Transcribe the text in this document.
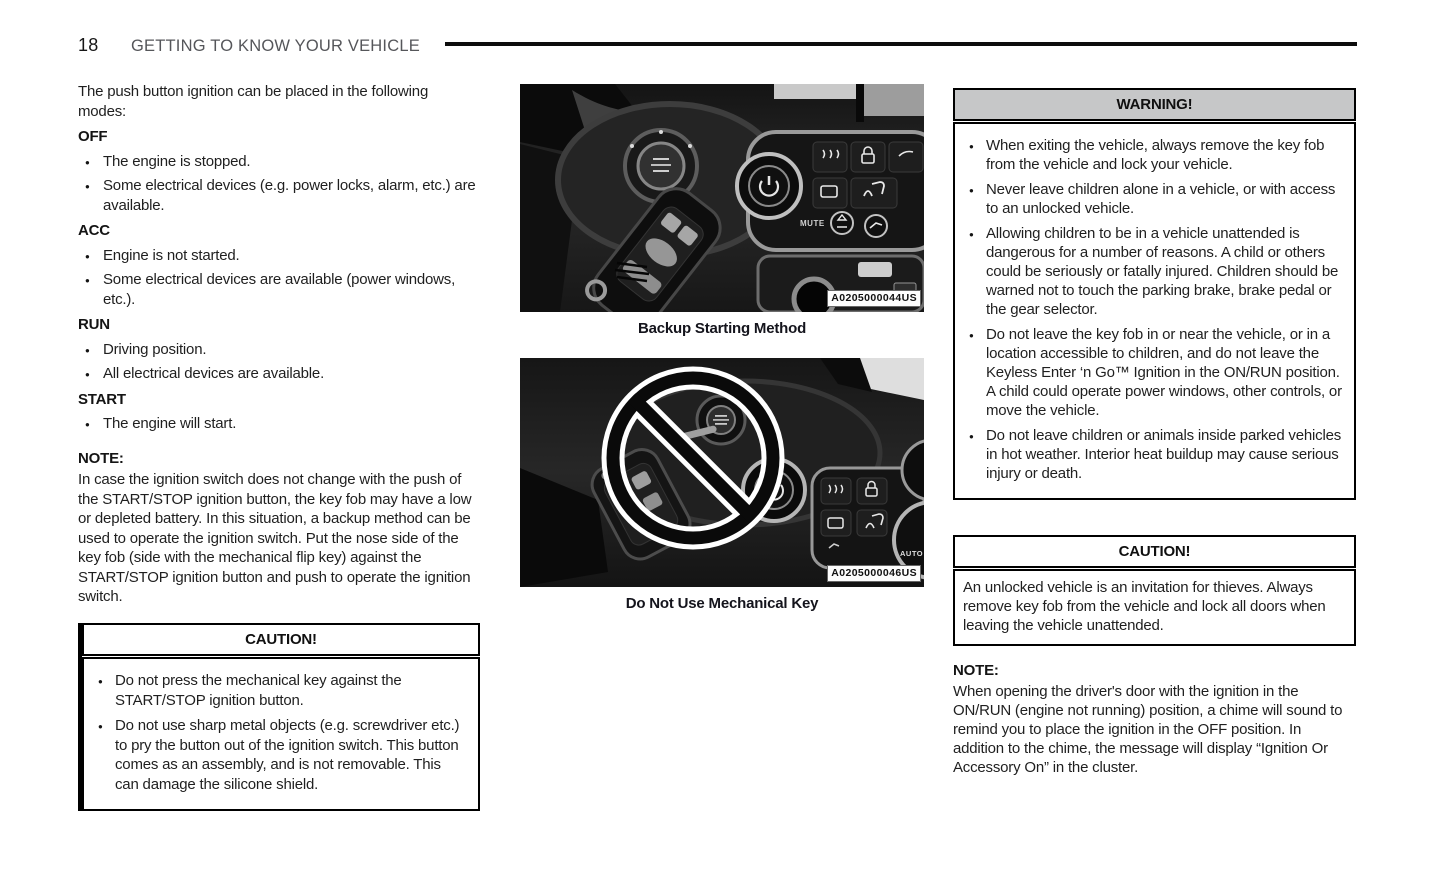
18 GETTING TO KNOW YOUR VEHICLE

The push button ignition can be placed in the following modes:

OFF
● The engine is stopped.
● Some electrical devices (e.g. power locks, alarm, etc.) are available.
ACC
● Engine is not started.
● Some electrical devices are available (power windows, etc.).
RUN
● Driving position.
● All electrical devices are available.
START
● The engine will start.
NOTE:

In case the ignition switch does not change with the push of the START/STOP ignition button, the key fob may have a low or depleted battery. In this situation, a backup method can be used to operate the ignition switch. Put the nose side of the key fob (side with the mechanical flip key) against the START/STOP ignition button and push to operate the ignition switch.

CAUTION!
● Do not press the mechanical key against the START/STOP ignition button.
● Do not use sharp metal objects (e.g. screwdriver etc.) to pry the button out of the ignition switch. This button comes as an assembly, and is not removable. This can damage the silicone shield.
MUTE
A0205000044US
Backup Starting Method
AUTO
A0205000046US
Do Not Use Mechanical Key
WARNING!
● When exiting the vehicle, always remove the key fob from the vehicle and lock your vehicle.
● Never leave children alone in a vehicle, or with access to an unlocked vehicle.
● Allowing children to be in a vehicle unattended is dangerous for a number of reasons. A child or others could be seriously or fatally injured. Children should be warned not to touch the parking brake, brake pedal or the gear selector.
● Do not leave the key fob in or near the vehicle, or in a location accessible to children, and do not leave the Keyless Enter ‘n Go™ Ignition in the ON/RUN position. A child could operate power windows, other controls, or move the vehicle.
● Do not leave children or animals inside parked vehicles in hot weather. Interior heat buildup may cause serious injury or death.
CAUTION!

An unlocked vehicle is an invitation for thieves. Always remove key fob from the vehicle and lock all doors when leaving the vehicle unattended.

NOTE:

When opening the driver's door with the ignition in the ON/RUN (engine not running) position, a chime will sound to remind you to place the ignition in the OFF position. In addition to the chime, the message will display “Ignition Or Accessory On” in the cluster.
